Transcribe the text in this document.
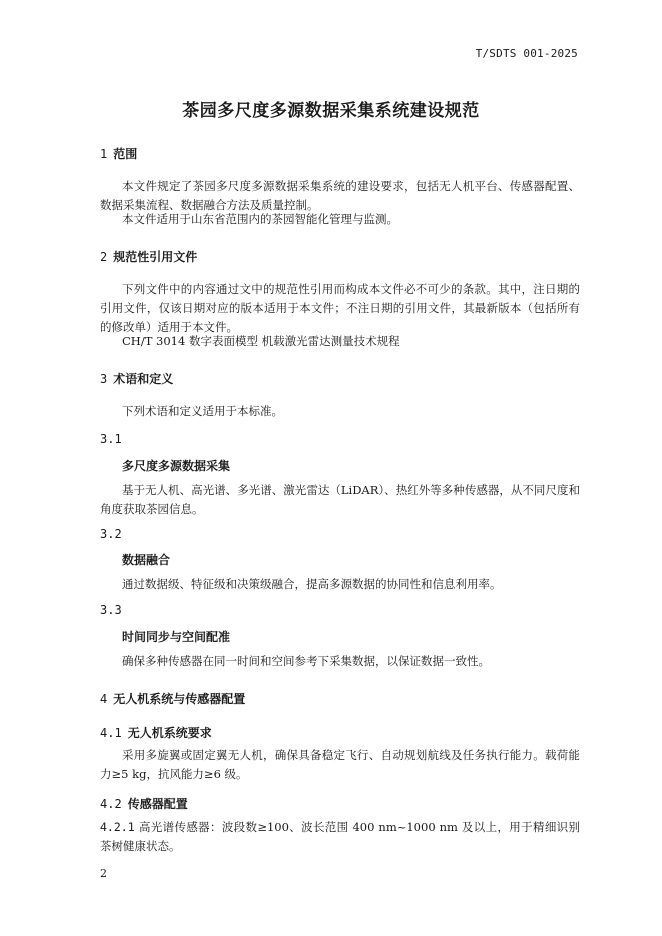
T/SDTS 001-2025
茶园多尺度多源数据采集系统建设规范
1 范围

本文件规定了茶园多尺度多源数据采集系统的建设要求，包括无人机平台、传感器配置、数据采集流程、数据融合方法及质量控制。

本文件适用于山东省范围内的茶园智能化管理与监测。

2 规范性引用文件

下列文件中的内容通过文中的规范性引用而构成本文件必不可少的条款。其中，注日期的引用文件，仅该日期对应的版本适用于本文件；不注日期的引用文件，其最新版本（包括所有的修改单）适用于本文件。

CH/T 3014 数字表面模型 机载激光雷达测量技术规程

3 术语和定义

下列术语和定义适用于本标准。

3.1
多尺度多源数据采集

基于无人机、高光谱、多光谱、激光雷达（LiDAR）、热红外等多种传感器，从不同尺度和角度获取茶园信息。

3.2
数据融合

通过数据级、特征级和决策级融合，提高多源数据的协同性和信息利用率。

3.3
时间同步与空间配准

确保多种传感器在同一时间和空间参考下采集数据，以保证数据一致性。

4 无人机系统与传感器配置
4.1 无人机系统要求

采用多旋翼或固定翼无人机，确保具备稳定飞行、自动规划航线及任务执行能力。载荷能力≥5 kg，抗风能力≥6 级。

4.2 传感器配置

4.2.1 高光谱传感器：波段数≥100、波长范围 400 nm~1000 nm 及以上，用于精细识别茶树健康状态。

2
